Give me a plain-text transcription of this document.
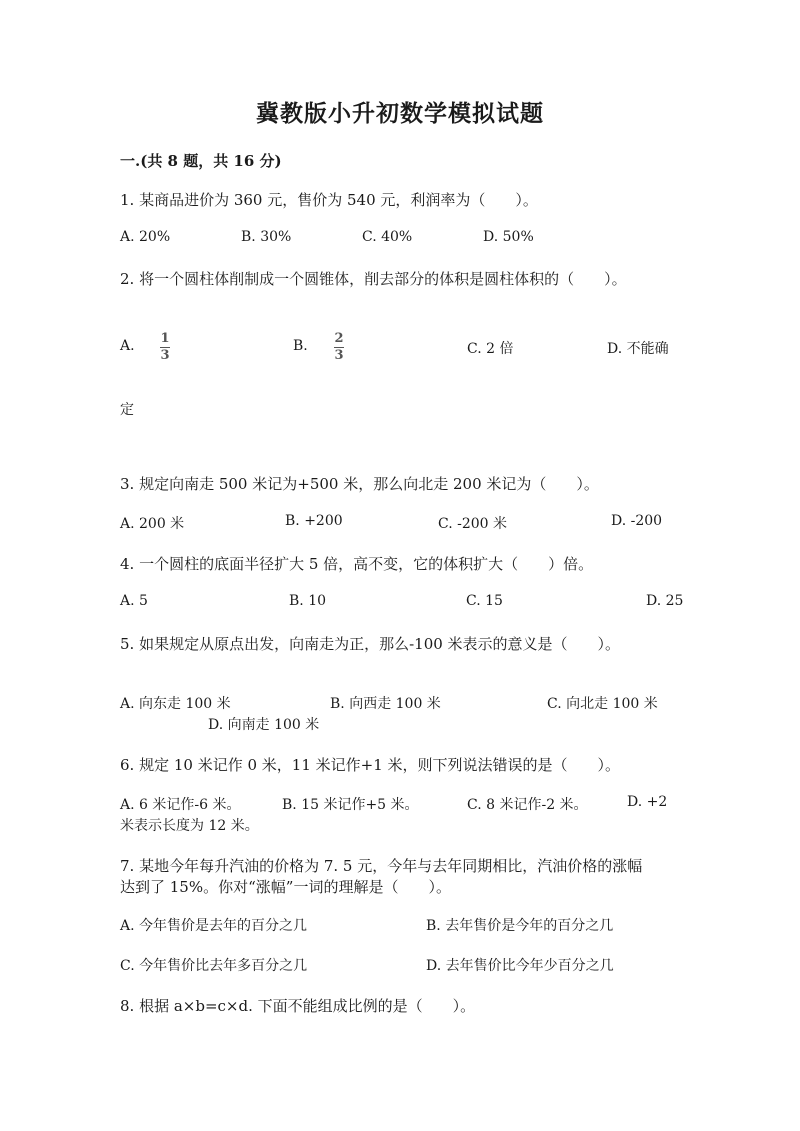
冀教版小升初数学模拟试题
一.(共 8 题，共 16 分)
1. 某商品进价为 360 元，售价为 540 元，利润率为（　　）。
A. 20%	B. 30%	C. 40%	D. 50%
2. 将一个圆柱体削制成一个圆锥体，削去部分的体积是圆柱体积的（　　）。
A. 1
3
B. 2
3	C. 2 倍	D. 不能确
定
3. 规定向南走 500 米记为+500 米，那么向北走 200 米记为（　　）。
A. 200 米	B. +200	C. -200 米	D. -200
4. 一个圆柱的底面半径扩大 5 倍，高不变，它的体积扩大（　　）倍。
A. 5	B. 10	C. 15	D. 25
5. 如果规定从原点出发，向南走为正，那么-100 米表示的意义是（　　）。
A. 向东走 100 米	B. 向西走 100 米	C. 向北走 100 米
D. 向南走 100 米
6. 规定 10 米记作 0 米，11 米记作+1 米，则下列说法错误的是（　　）。
A. 6 米记作-6 米。	B. 15 米记作+5 米。	C. 8 米记作-2 米。	D. +2
米表示长度为 12 米。
7. 某地今年每升汽油的价格为 7. 5 元，今年与去年同期相比，汽油价格的涨幅
达到了 15%。你对“涨幅”一词的理解是（　　）。
A. 今年售价是去年的百分之几	B. 去年售价是今年的百分之几
C. 今年售价比去年多百分之几	D. 去年售价比今年少百分之几
8. 根据 a×b=c×d. 下面不能组成比例的是（　　）。
